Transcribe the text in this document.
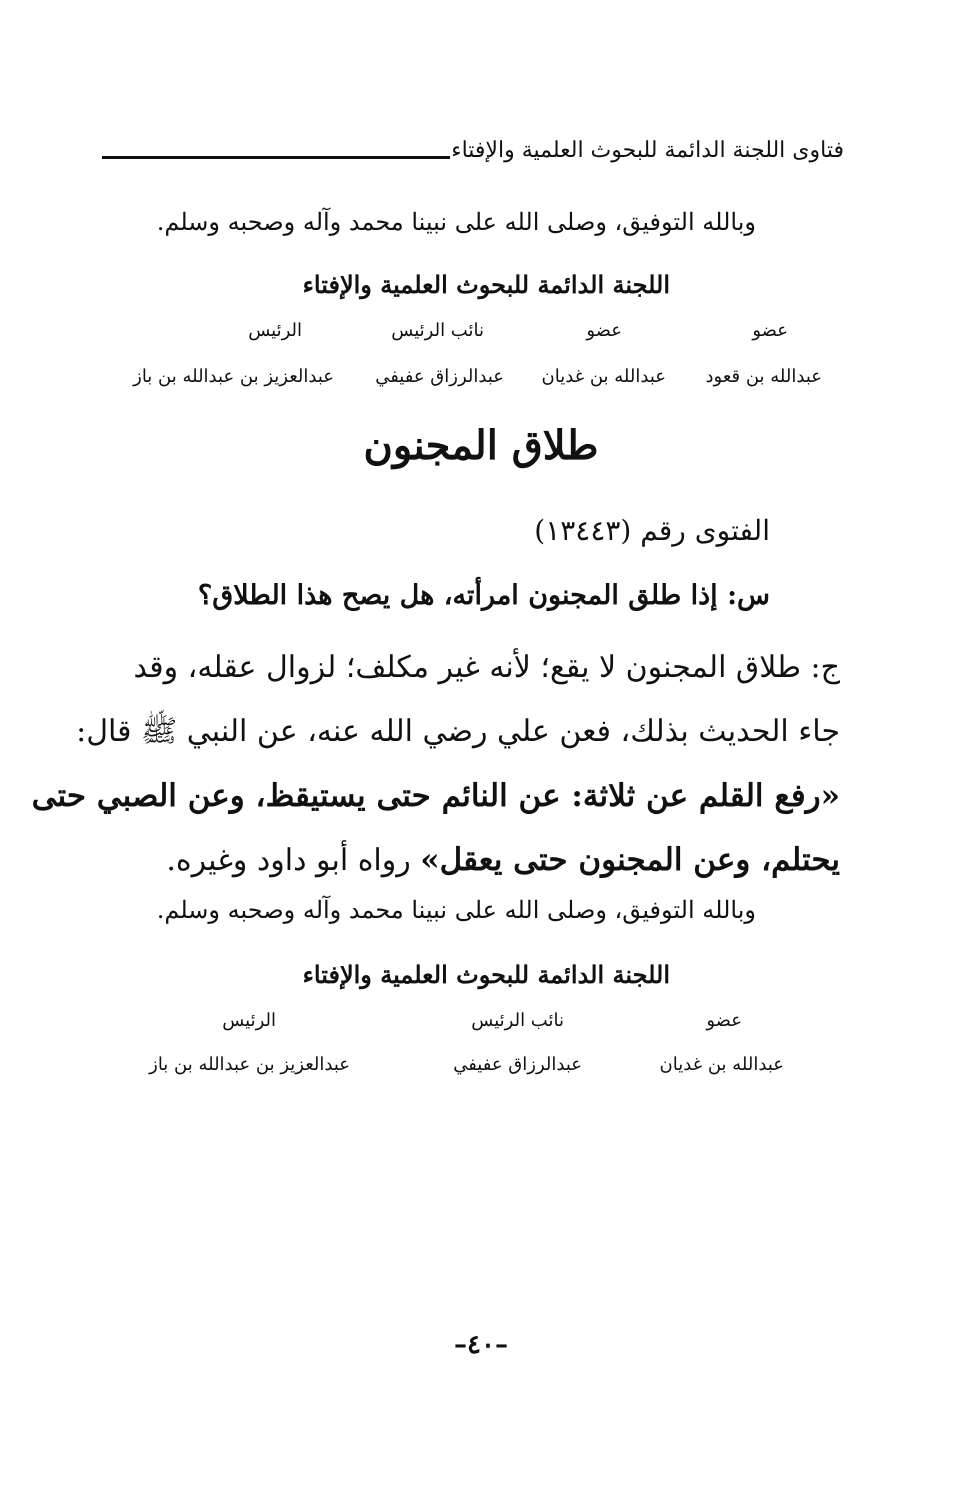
فتاوى اللجنة الدائمة للبحوث العلمية والإفتاء
وبالله التوفيق، وصلى الله على نبينا محمد وآله وصحبه وسلم.
اللجنة الدائمة للبحوث العلمية والإفتاء
عضو
عبدالله بن قعود
عضو
عبدالله بن غديان
نائب الرئيس
عبدالرزاق عفيفي
الرئيس
عبدالعزيز بن عبدالله بن باز
طلاق المجنون
الفتوى رقم (١٣٤٤٣)
س: إذا طلق المجنون امرأته، هل يصح هذا الطلاق؟
ج: طلاق المجنون لا يقع؛ لأنه غير مكلف؛ لزوال عقله، وقد
جاء الحديث بذلك، فعن علي رضي الله عنه، عن النبي ﷺ قال:
«رفع القلم عن ثلاثة: عن النائم حتى يستيقظ، وعن الصبي حتى
يحتلم، وعن المجنون حتى يعقل» رواه أبو داود وغيره.
وبالله التوفيق، وصلى الله على نبينا محمد وآله وصحبه وسلم.
اللجنة الدائمة للبحوث العلمية والإفتاء
عضو
عبدالله بن غديان
نائب الرئيس
عبدالرزاق عفيفي
الرئيس
عبدالعزيز بن عبدالله بن باز
–٤٠–
